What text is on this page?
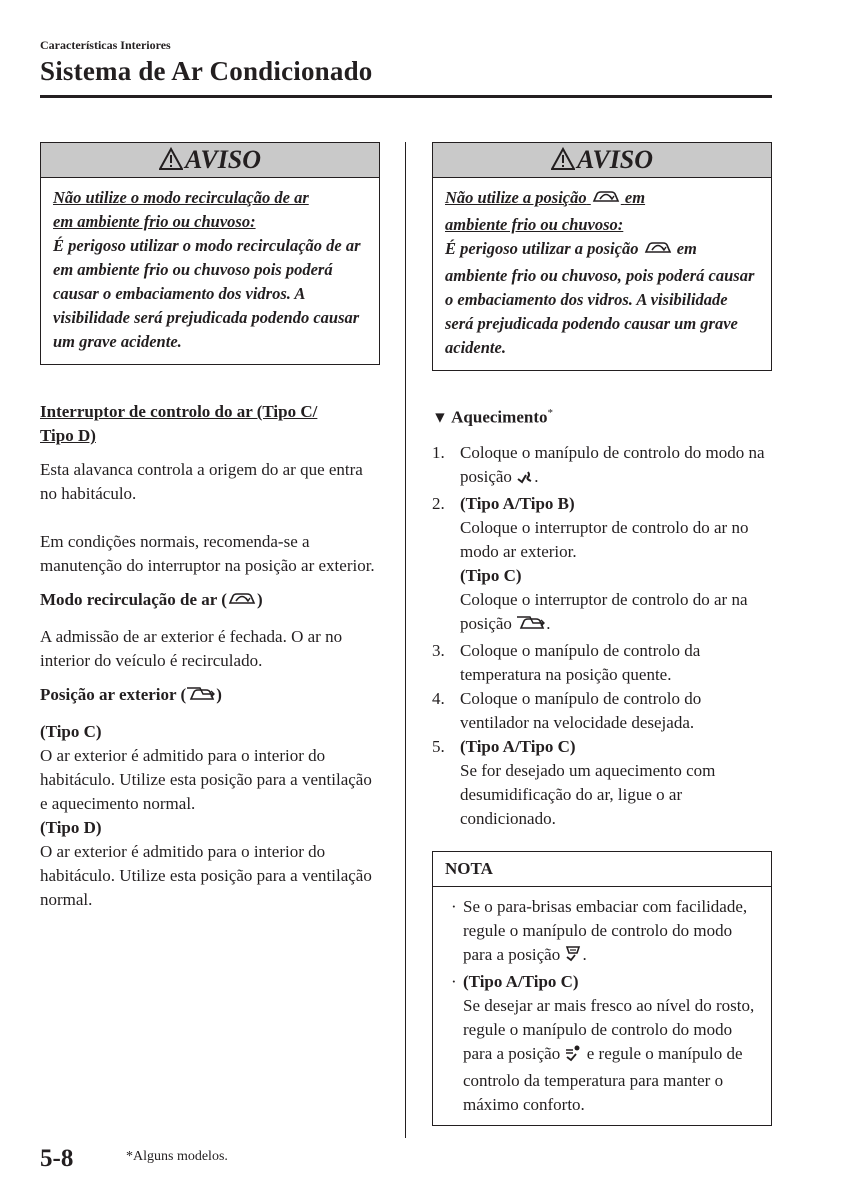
Características Interiores
Sistema de Ar Condicionado
AVISO
Não utilize o modo recirculação de ar
em ambiente frio ou chuvoso:
É perigoso utilizar o modo recirculação de ar em ambiente frio ou chuvoso pois poderá causar o embaciamento dos vidros. A visibilidade será prejudicada podendo causar um grave acidente.
Interruptor de controlo do ar (Tipo C/
Tipo D)
Esta alavanca controla a origem do ar que entra no habitáculo.
Em condições normais, recomenda-se a manutenção do interruptor na posição ar exterior.
Modo recirculação de ar ( )
A admissão de ar exterior é fechada. O ar no interior do veículo é recirculado.
Posição ar exterior ( )
(Tipo C)
O ar exterior é admitido para o interior do habitáculo. Utilize esta posição para a ventilação e aquecimento normal.
(Tipo D)
O ar exterior é admitido para o interior do habitáculo. Utilize esta posição para a ventilação normal.
AVISO
Não utilize a posição em
ambiente frio ou chuvoso:
É perigoso utilizar a posição em ambiente frio ou chuvoso, pois poderá causar o embaciamento dos vidros. A visibilidade será prejudicada podendo causar um grave acidente.
▼ Aquecimento*
1. Coloque o manípulo de controlo do modo na posição .
2. (Tipo A/Tipo B)
Coloque o interruptor de controlo do ar no modo ar exterior.
(Tipo C)
Coloque o interruptor de controlo do ar na posição .
3. Coloque o manípulo de controlo da temperatura na posição quente.
4. Coloque o manípulo de controlo do ventilador na velocidade desejada.
5. (Tipo A/Tipo C)
Se for desejado um aquecimento com desumidificação do ar, ligue o ar condicionado.
NOTA
· Se o para-brisas embaciar com facilidade, regule o manípulo de controlo do modo para a posição .
· (Tipo A/Tipo C)
Se desejar ar mais fresco ao nível do rosto, regule o manípulo de controlo do modo para a posição e regule o manípulo de controlo da temperatura para manter o máximo conforto.
5-8	*Alguns modelos.
